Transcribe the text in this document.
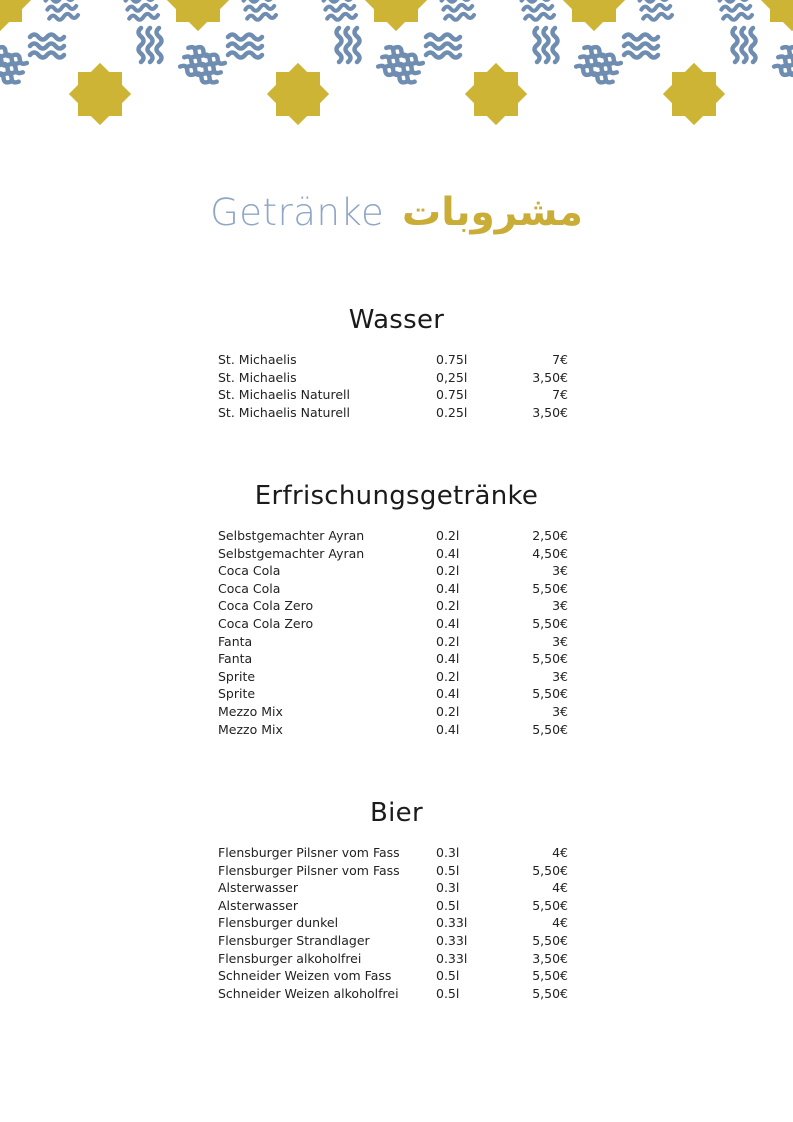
Getränke مشروبات
Wasser
St. Michaelis	0.75l	7€
St. Michaelis	0,25l	3,50€
St. Michaelis Naturell	0.75l	7€
St. Michaelis Naturell	0.25l	3,50€
Erfrischungsgetränke
Selbstgemachter Ayran	0.2l	2,50€
Selbstgemachter Ayran	0.4l	4,50€
Coca Cola	0.2l	3€
Coca Cola	0.4l	5,50€
Coca Cola Zero	0.2l	3€
Coca Cola Zero	0.4l	5,50€
Fanta	0.2l	3€
Fanta	0.4l	5,50€
Sprite	0.2l	3€
Sprite	0.4l	5,50€
Mezzo Mix	0.2l	3€
Mezzo Mix	0.4l	5,50€
Bier
Flensburger Pilsner vom Fass	0.3l	4€
Flensburger Pilsner vom Fass	0.5l	5,50€
Alsterwasser	0.3l	4€
Alsterwasser	0.5l	5,50€
Flensburger dunkel	0.33l	4€
Flensburger Strandlager	0.33l	5,50€
Flensburger alkoholfrei	0.33l	3,50€
Schneider Weizen vom Fass	0.5l	5,50€
Schneider Weizen alkoholfrei	0.5l	5,50€
